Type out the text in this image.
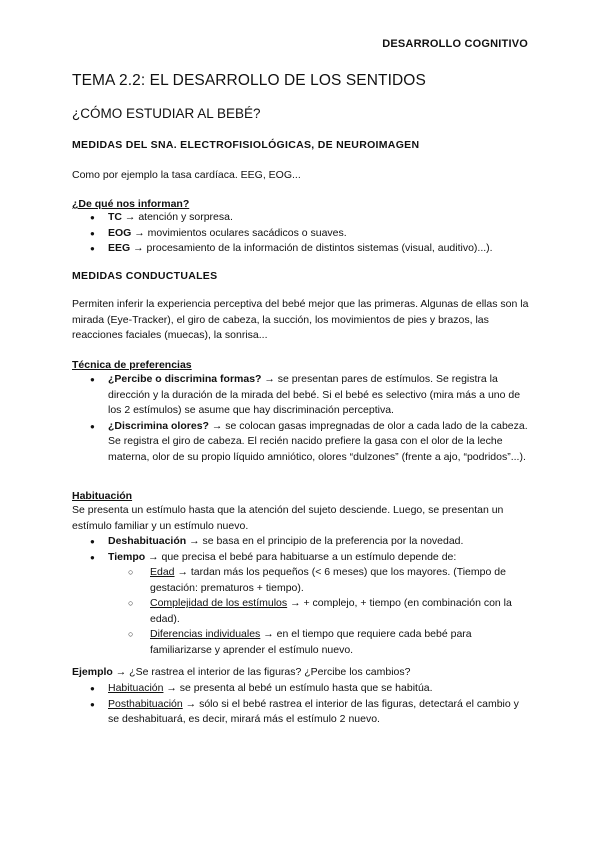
DESARROLLO COGNITIVO
TEMA 2.2: EL DESARROLLO DE LOS SENTIDOS
¿CÓMO ESTUDIAR AL BEBÉ?
MEDIDAS DEL SNA. ELECTROFISIOLÓGICAS, DE NEUROIMAGEN
Como por ejemplo la tasa cardíaca. EEG, EOG...
¿De qué nos informan?
● TC → atención y sorpresa.
● EOG → movimientos oculares sacádicos o suaves.
● EEG → procesamiento de la información de distintos sistemas (visual, auditivo)...).
MEDIDAS CONDUCTUALES
Permiten inferir la experiencia perceptiva del bebé mejor que las primeras. Algunas de ellas son la mirada (Eye-Tracker), el giro de cabeza, la succión, los movimientos de pies y brazos, las reacciones faciales (muecas), la sonrisa...
Técnica de preferencias
● ¿Percibe o discrimina formas? → se presentan pares de estímulos. Se registra la dirección y la duración de la mirada del bebé. Si el bebé es selectivo (mira más a uno de los 2 estímulos) se asume que hay discriminación perceptiva.
● ¿Discrimina olores? → se colocan gasas impregnadas de olor a cada lado de la cabeza. Se registra el giro de cabeza. El recién nacido prefiere la gasa con el olor de la leche materna, olor de su propio líquido amniótico, olores “dulzones” (frente a ajo, “podridos”...).
Habituación
Se presenta un estímulo hasta que la atención del sujeto desciende. Luego, se presentan un estímulo familiar y un estímulo nuevo.
● Deshabituación → se basa en el principio de la preferencia por la novedad.
● Tiempo → que precisa el bebé para habituarse a un estímulo depende de:
○ Edad → tardan más los pequeños (< 6 meses) que los mayores. (Tiempo de gestación: prematuros + tiempo).
○ Complejidad de los estímulos → + complejo, + tiempo (en combinación con la edad).
○ Diferencias individuales → en el tiempo que requiere cada bebé para familiarizarse y aprender el estímulo nuevo.
Ejemplo → ¿Se rastrea el interior de las figuras? ¿Percibe los cambios?
● Habituación → se presenta al bebé un estímulo hasta que se habitúa.
● Posthabituación → sólo si el bebé rastrea el interior de las figuras, detectará el cambio y se deshabituará, es decir, mirará más el estímulo 2 nuevo.
